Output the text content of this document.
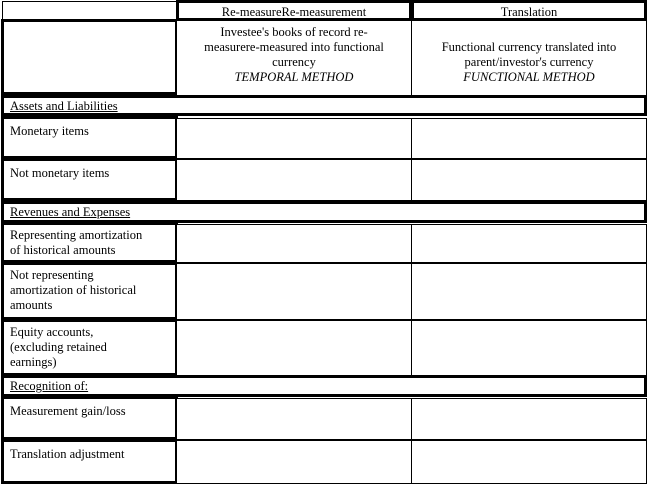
Re-measureRe-measurement	Translation
Investee's books of record re-
measurere-measured into functional
currency
TEMPORAL METHOD
Functional currency translated into
parent/investor's currency
FUNCTIONAL METHOD
Assets and Liabilities
Monetary items
Not monetary items
Revenues and Expenses
Representing amortization
of historical amounts
Not representing
amortization of historical
amounts
Equity accounts,
(excluding retained
earnings)
Recognition of:
Measurement gain/loss
Translation adjustment
